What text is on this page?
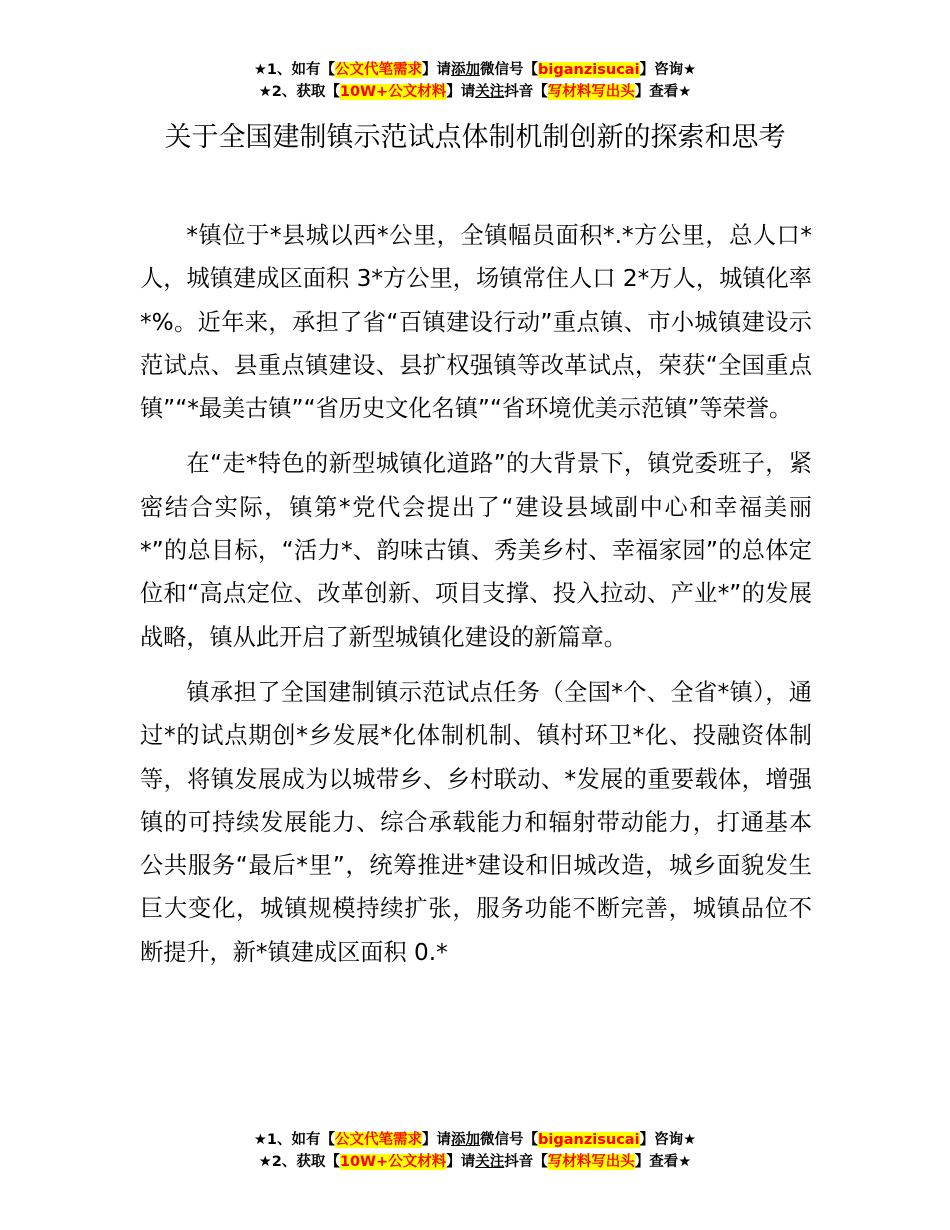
★1、如有【公文代笔需求】请添加微信号【biganzisucai】咨询★
★2、获取【10W+公文材料】请关注抖音【写材料写出头】查看★
关于全国建制镇示范试点体制机制创新的探索和思考

*镇位于*县城以西*公里，全镇幅员面积*.*方公里，总人口*人，城镇建成区面积 3*方公里，场镇常住人口 2*万人，城镇化率*%。近年来，承担了省“百镇建设行动”重点镇、市小城镇建设示范试点、县重点镇建设、县扩权强镇等改革试点，荣获“全国重点镇”“*最美古镇”“省历史文化名镇”“省环境优美示范镇”等荣誉。

在“走*特色的新型城镇化道路”的大背景下，镇党委班子，紧密结合实际，镇第*党代会提出了“建设县域副中心和幸福美丽*”的总目标，“活力*、韵味古镇、秀美乡村、幸福家园”的总体定位和“高点定位、改革创新、项目支撑、投入拉动、产业*”的发展战略，镇从此开启了新型城镇化建设的新篇章。

镇承担了全国建制镇示范试点任务（全国*个、全省*镇），通过*的试点期创*乡发展*化体制机制、镇村环卫*化、投融资体制等，将镇发展成为以城带乡、乡村联动、*发展的重要载体，增强镇的可持续发展能力、综合承载能力和辐射带动能力，打通基本公共服务“最后*里”，统筹推进*建设和旧城改造，城乡面貌发生巨大变化，城镇规模持续扩张，服务功能不断完善，城镇品位不断提升，新*镇建成区面积 0.*

★1、如有【公文代笔需求】请添加微信号【biganzisucai】咨询★
★2、获取【10W+公文材料】请关注抖音【写材料写出头】查看★
